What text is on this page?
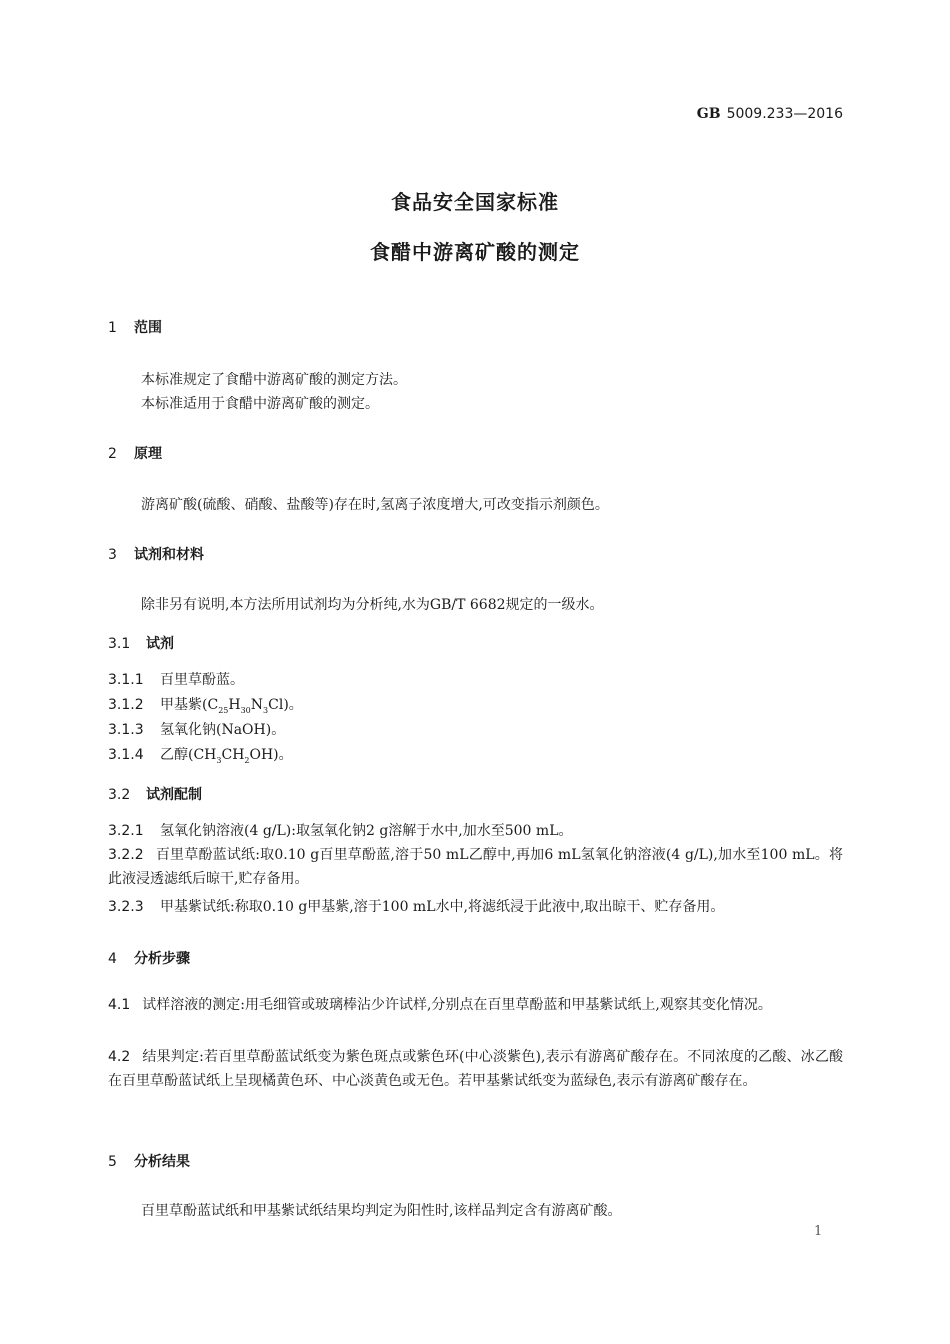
GB 5009.233—2016
食品安全国家标准
食醋中游离矿酸的测定
1 范围
本标准规定了食醋中游离矿酸的测定方法。
本标准适用于食醋中游离矿酸的测定。
2 原理
游离矿酸(硫酸、硝酸、盐酸等)存在时,氢离子浓度增大,可改变指示剂颜色。
3 试剂和材料
除非另有说明,本方法所用试剂均为分析纯,水为GB/T 6682规定的一级水。
3.1 试剂
3.1.1 百里草酚蓝。
3.1.2 甲基紫$(C_{25}H_{30}N_3Cl)$。
3.1.3 氢氧化钠(NaOH)。
3.1.4 乙醇$(CH_3CH_2OH)$。
3.2 试剂配制
3.2.1 氢氧化钠溶液(4 g/L):取氢氧化钠2 g溶解于水中,加水至500 mL。
3.2.2 百里草酚蓝试纸:取0.10 g百里草酚蓝,溶于50 mL乙醇中,再加6 mL氢氧化钠溶液(4 g/L),加水至100 mL。将此液浸透滤纸后晾干,贮存备用。
3.2.3 甲基紫试纸:称取0.10 g甲基紫,溶于100 mL水中,将滤纸浸于此液中,取出晾干、贮存备用。
4 分析步骤
4.1 试样溶液的测定:用毛细管或玻璃棒沾少许试样,分别点在百里草酚蓝和甲基紫试纸上,观察其变化情况。
4.2 结果判定:若百里草酚蓝试纸变为紫色斑点或紫色环(中心淡紫色),表示有游离矿酸存在。不同浓度的乙酸、冰乙酸在百里草酚蓝试纸上呈现橘黄色环、中心淡黄色或无色。若甲基紫试纸变为蓝绿色,表示有游离矿酸存在。
5 分析结果
百里草酚蓝试纸和甲基紫试纸结果均判定为阳性时,该样品判定含有游离矿酸。
1
